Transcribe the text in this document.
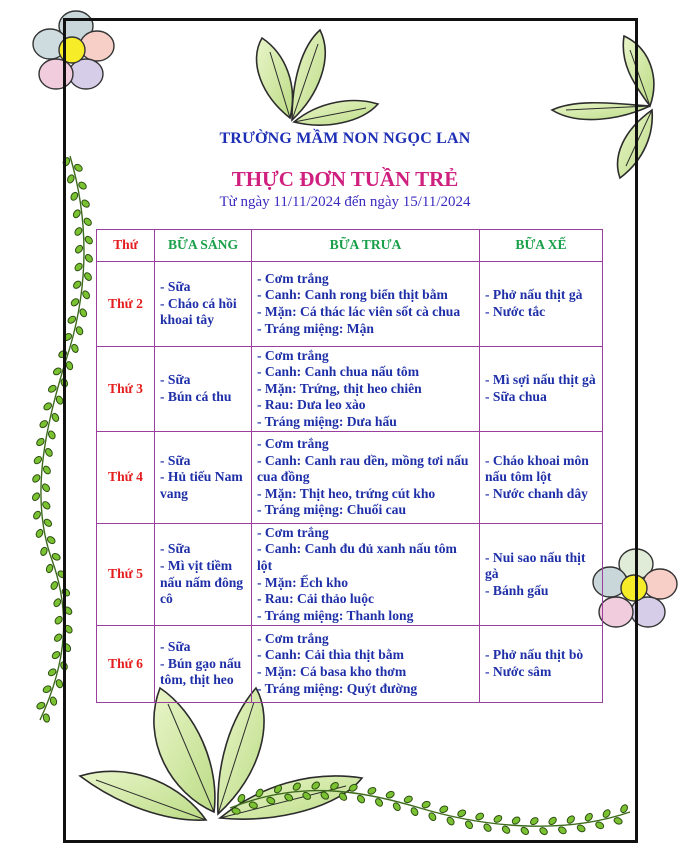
TRƯỜNG MẦM NON NGỌC LAN
THỰC ĐƠN TUẦN TRẺ
Từ ngày 11/11/2024 đến ngày 15/11/2024
Thứ	BỮA SÁNG	BỮA TRƯA	BỮA XẾ
Thứ 2	- Sữa
- Cháo cá hồi khoai tây	- Cơm trắng
- Canh: Canh rong biển thịt bằm
- Mặn: Cá thác lác viên sốt cà chua
- Tráng miệng: Mận	- Phở nấu thịt gà
- Nước tắc

Thứ 3	- Sữa
- Bún cá thu	- Cơm trắng
- Canh: Canh chua nấu tôm
- Mặn: Trứng, thịt heo chiên
- Rau: Dưa leo xào
- Tráng miệng: Dưa hấu	- Mì sợi nấu thịt gà
- Sữa chua

Thứ 4	- Sữa
- Hủ tiếu Nam vang	- Cơm trắng
- Canh: Canh rau dền, mồng tơi nấu cua đồng
- Mặn: Thịt heo, trứng cút kho
- Tráng miệng: Chuối cau	- Cháo khoai môn nấu tôm lột
- Nước chanh dây

Thứ 5	- Sữa
- Mì vịt tiềm nấu nấm đông cô	- Cơm trắng
- Canh: Canh đu đủ xanh nấu tôm lột
- Mặn: Ếch kho
- Rau: Cải thảo luộc
- Tráng miệng: Thanh long	- Nui sao nấu thịt gà
- Bánh gấu

Thứ 6	- Sữa
- Bún gạo nấu tôm, thịt heo	- Cơm trắng
- Canh: Cải thìa thịt bằm
- Mặn: Cá basa kho thơm
- Tráng miệng: Quýt đường	- Phở nấu thịt bò
- Nước sâm
